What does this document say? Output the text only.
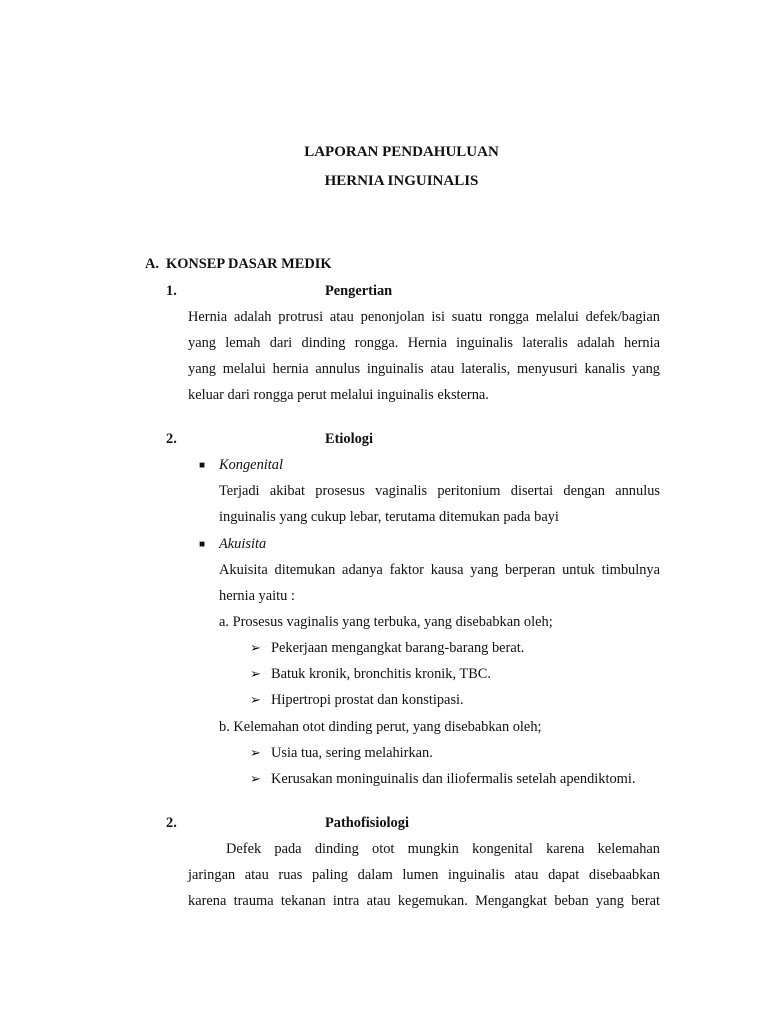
LAPORAN PENDAHULUAN
HERNIA INGUINALIS
A. KONSEP DASAR MEDIK
1.	Pengertian
Hernia adalah protrusi atau penonjolan isi suatu rongga melalui defek/bagian
yang lemah dari dinding rongga. Hernia inguinalis lateralis adalah hernia
yang melalui hernia annulus inguinalis atau lateralis, menyusuri kanalis yang
keluar dari rongga perut melalui inguinalis eksterna.
2.	Etiologi
■ Kongenital
Terjadi akibat prosesus vaginalis peritonium disertai dengan annulus
inguinalis yang cukup lebar, terutama ditemukan pada bayi
■ Akuisita
Akuisita ditemukan adanya faktor kausa yang berperan untuk timbulnya
hernia yaitu :
a. Prosesus vaginalis yang terbuka, yang disebabkan oleh;
➢ Pekerjaan mengangkat barang-barang berat.
➢ Batuk kronik, bronchitis kronik, TBC.
➢ Hipertropi prostat dan konstipasi.
b. Kelemahan otot dinding perut, yang disebabkan oleh;
➢ Usia tua, sering melahirkan.
➢ Kerusakan moninguinalis dan iliofermalis setelah apendiktomi.
2.	Pathofisiologi
Defek pada dinding otot mungkin kongenital karena kelemahan
jaringan atau ruas paling dalam lumen inguinalis atau dapat disebaabkan
karena trauma tekanan intra atau kegemukan. Mengangkat beban yang berat
